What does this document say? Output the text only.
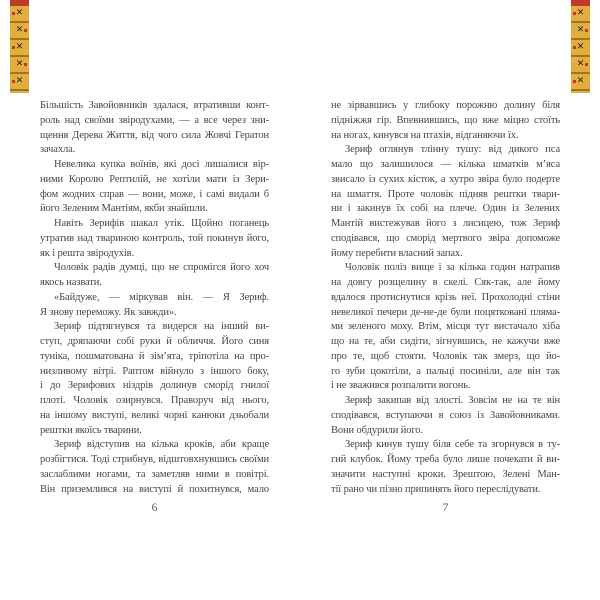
✕
✕
✕
✕
✕
✕
✕
✕
✕
✕
Більшість Завойовників здалася, втративши конт-
роль над своїми звіродухами, — а все через зни-
щення Дерева Життя, від чого сила Жовчі Гератон
зачахла.
Невелика купка воїнів, які досі лишалися вір-
ними Королю Рептилій, не хотіли мати із Зери-
фом жодних справ — вони, може, і самі видали б
його Зеленим Мантіям, якби знайшли.
Навіть Зерифів шакал утік. Щойно поганець
утратив над твариною контроль, той покинув його,
як і решта звіродухів.
Чоловік радів думці, що не спромігся його хоч
якось назвати.
«Байдуже, — міркував він. — Я Зериф.
Я знову переможу. Як завжди».
Зериф підтягнувся та видерся на інший ви-
ступ, дряпаючи собі руки й обличчя. Його синя
туніка, пошматована й зімʼята, тріпотіла на про-
низливому вітрі. Раптом війнуло з іншого боку,
і до Зерифових ніздрів долинув сморід гнилої
плоті. Чоловік озирнувся. Праворуч від нього,
на іншому виступі, великі чорні канюки дзьобали
рештки якоїсь тварини.
Зериф відступив на кілька кроків, аби краще
розбігтися. Тоді стрибнув, відштовхнувшись своїми
заслаблими ногами, та заметляв ними в повітрі.
Він приземлився на виступі й похитнувся, мало
6
не зірвавшись у глибоку порожню долину біля
підніжжя гір. Впевнившись, що вже міцно стоїть
на ногах, кинувся на птахів, відганяючи їх.
Зериф оглянув тлінну тушу: від дикого пса
мало що залишилося — кілька шматків мʼяса
звисало із сухих кісток, а хутро звіра було подерте
на шмаття. Проте чоловік підняв рештки твари-
ни і закинув їх собі на плече. Один із Зелених
Мантій вистежував його з лисицею, тож Зериф
сподівався, що сморід мертвого звіра допоможе
йому перебити власний запах.
Чоловік поліз вище і за кілька годин натрапив
на довгу розщелину в скелі. Сяк-так, але йому
вдалося протиснутися крізь неї. Прохолодні стіни
невеликої печери де-не-де були поцятковані пляма-
ми зеленого моху. Втім, місця тут вистачало хіба
що на те, аби сидіти, зігнувшись, не кажучи вже
про те, щоб стояти. Чоловік так змерз, що йо-
го зуби цокотіли, а пальці посиніли, але він так
і не зважився розпалити вогонь.
Зериф закипав від злості. Зовсім не на те він
сподівався, вступаючи в союз із Завойовниками.
Вони обдурили його.
Зериф кинув тушу біля себе та згорнувся в ту-
гий клубок. Йому треба було лише почекати й ви-
значити наступні кроки. Зрештою, Зелені Ман-
тії рано чи пізно припинять його переслідувати.
7
